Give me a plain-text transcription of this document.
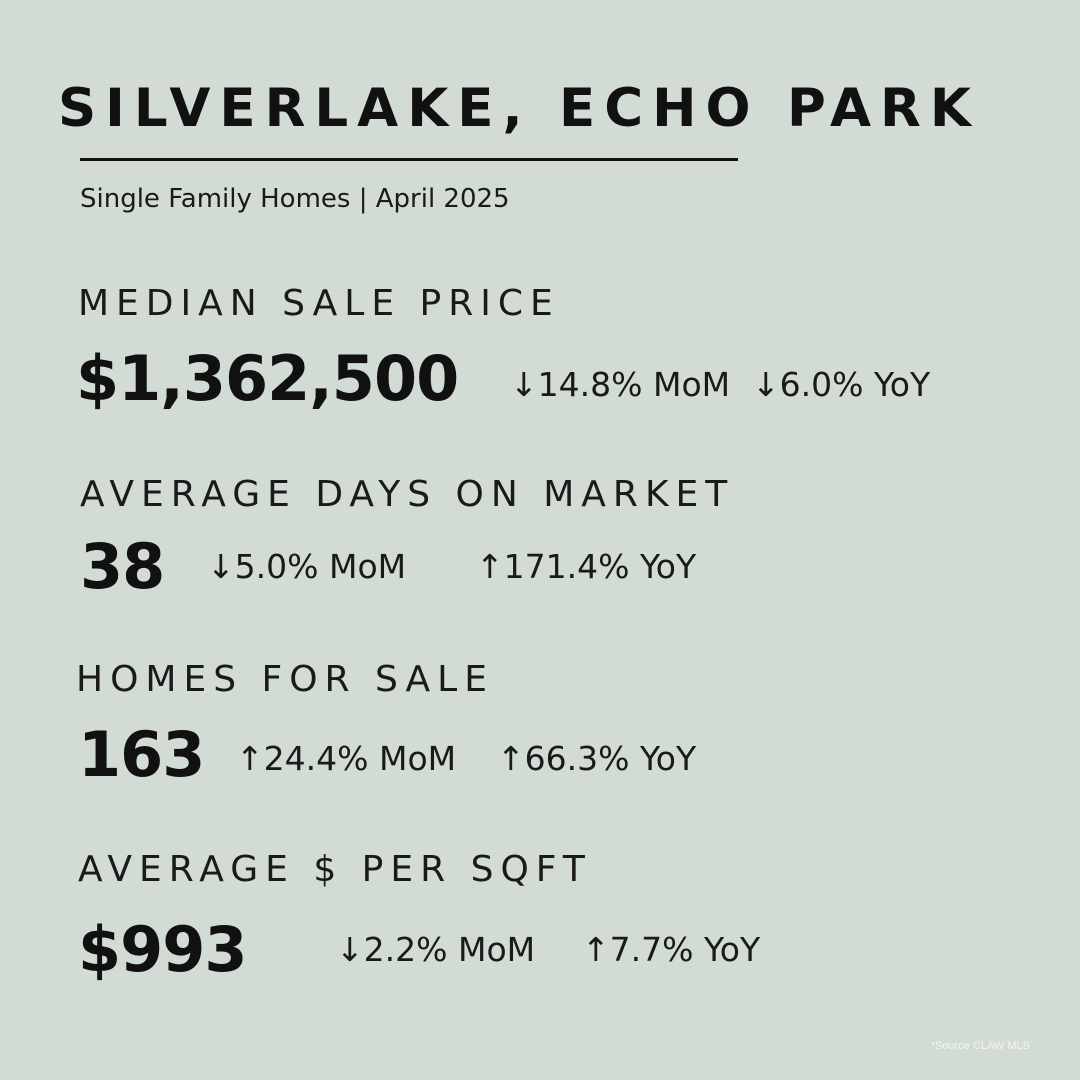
SILVERLAKE, ECHO PARK
Single Family Homes | April 2025
MEDIAN SALE PRICE
$1,362,500 ↓14.8% MoM ↓6.0% YoY
AVERAGE DAYS ON MARKET
38 ↓5.0% MoM ↑171.4% YoY
HOMES FOR SALE
163 ↑24.4% MoM ↑66.3% YoY
AVERAGE $ PER SQFT
$993	↓2.2% MoM ↑7.7% YoY
*Source CLAW MLS
